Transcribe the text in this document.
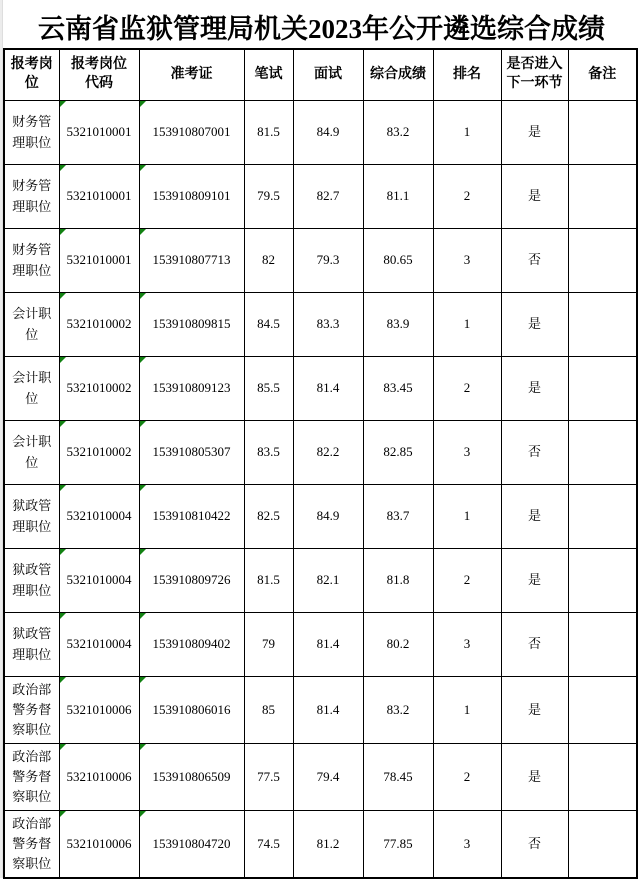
云南省监狱管理局机关2023年公开遴选综合成绩
报考岗位	报考岗位代码	准考证	笔试	面试	综合成绩	排名	是否进入下一环节	备注
财务管理职位	5321010001	153910807001	81.5	84.9	83.2	1	是	
财务管理职位	5321010001	153910809101	79.5	82.7	81.1	2	是	
财务管理职位	5321010001	153910807713	82	79.3	80.65	3	否	
会计职位	5321010002	153910809815	84.5	83.3	83.9	1	是	
会计职位	5321010002	153910809123	85.5	81.4	83.45	2	是	
会计职位	5321010002	153910805307	83.5	82.2	82.85	3	否	
狱政管理职位	5321010004	153910810422	82.5	84.9	83.7	1	是	
狱政管理职位	5321010004	153910809726	81.5	82.1	81.8	2	是	
狱政管理职位	5321010004	153910809402	79	81.4	80.2	3	否	
政治部警务督察职位	5321010006	153910806016	85	81.4	83.2	1	是	
政治部警务督察职位	5321010006	153910806509	77.5	79.4	78.45	2	是	
政治部警务督察职位	5321010006	153910804720	74.5	81.2	77.85	3	否	
